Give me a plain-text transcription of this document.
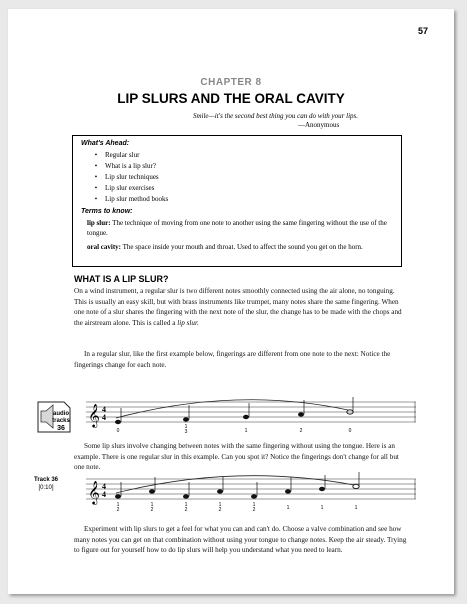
57
CHAPTER 8
LIP SLURS AND THE ORAL CAVITY
Smile—it's the second best thing you can do with your lips.
—Anonymous
What's Ahead:
• Regular slur
• What is a lip slur?
• Lip slur techniques
• Lip slur exercises
• Lip slur method books
Terms to know:
lip slur: The technique of moving from one note to another using the same fingering without the use of the tongue.
oral cavity: The space inside your mouth and throat. Used to affect the sound you get on the horn.
WHAT IS A LIP SLUR?
On a wind instrument, a regular slur is two different notes smoothly connected using the air alone, no tonguing. This is usually an easy skill, but with brass instruments like trumpet, many notes share the same fingering. When one note of a slur shares the fingering with the next note of the slur, the change has to be made with the chops and the airstream alone. This is called a lip slur.
In a regular slur, like the first example below, fingerings are different from one note to the next: Notice the fingerings change for each note.
audio
tracks
36
𝄞 4
4
0
1
3	1	2	0
Some lip slurs involve changing between notes with the same fingering without using the tongue. Here is an example. There is one regular slur in this example. Can you spot it? Notice the fingerings don't change for all but one note.
Track 36
[0:10]	𝄞 4
4
1
2
1
2
1
2
1
2
1
2	1	1	1
Experiment with lip slurs to get a feel for what you can and can't do. Choose a valve combination and see how many notes you can get on that combination without using your tongue to change notes. Keep the air steady. Trying to figure out for yourself how to do lip slurs will help you understand what you need to learn.
